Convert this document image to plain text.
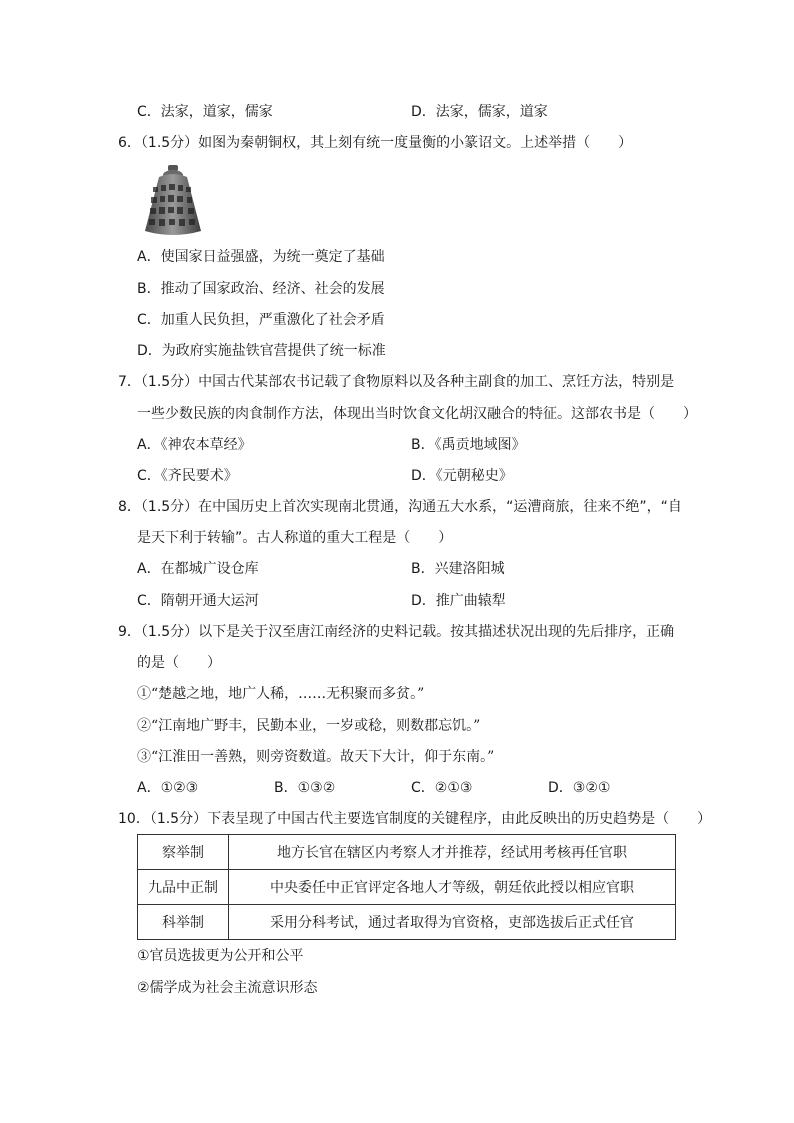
C．法家，道家，儒家	D．法家，儒家，道家
6．（1.5分）如图为秦朝铜权，其上刻有统一度量衡的小篆诏文。上述举措（　　）
A．使国家日益强盛，为统一奠定了基础
B．推动了国家政治、经济、社会的发展
C．加重人民负担，严重激化了社会矛盾
D．为政府实施盐铁官营提供了统一标准
7．（1.5分）中国古代某部农书记载了食物原料以及各种主副食的加工、烹饪方法，特别是
一些少数民族的肉食制作方法，体现出当时饮食文化胡汉融合的特征。这部农书是（　　）
A．《神农本草经》	B．《禹贡地域图》
C．《齐民要术》	D．《元朝秘史》
8．（1.5分）在中国历史上首次实现南北贯通，沟通五大水系，“运漕商旅，往来不绝”，“自
是天下利于转输”。古人称道的重大工程是（　　）
A．在都城广设仓库	B．兴建洛阳城
C．隋朝开通大运河	D．推广曲辕犁
9．（1.5分）以下是关于汉至唐江南经济的史料记载。按其描述状况出现的先后排序，正确
的是（　　）
①“楚越之地，地广人稀，……无积聚而多贫。”
②“江南地广野丰，民勤本业，一岁或稔，则数郡忘饥。”
③“江淮田一善熟，则旁资数道。故天下大计，仰于东南。”
A．①②③	B．①③②	C．②①③	D．③②①
10．（1.5分）下表呈现了中国古代主要选官制度的关键程序，由此反映出的历史趋势是（　　）
察举制	地方长官在辖区内考察人才并推荐，经试用考核再任官职
九品中正制	中央委任中正官评定各地人才等级，朝廷依此授以相应官职
科举制	采用分科考试，通过者取得为官资格，吏部选拔后正式任官
①官员选拔更为公开和公平
②儒学成为社会主流意识形态
